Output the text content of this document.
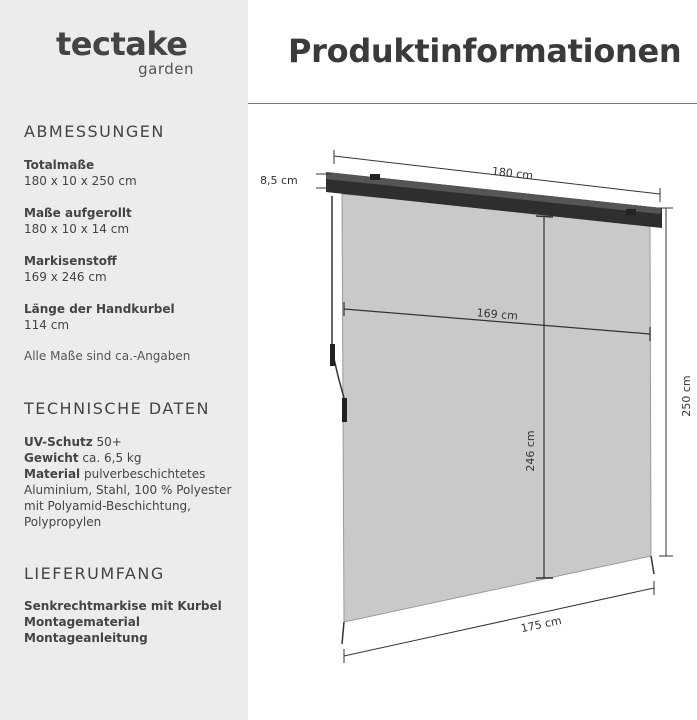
tectake
garden	Produktinformationen
ABMESSUNGEN
Totalmaße
180 x 10 x 250 cm
Maße aufgerollt
180 x 10 x 14 cm
Markisenstoff
169 x 246 cm
Länge der Handkurbel
114 cm
Alle Maße sind ca.-Angaben
TECHNISCHE DATEN
UV-Schutz 50+
Gewicht ca. 6,5 kg
Material pulverbeschichtetes Aluminium, Stahl, 100 % Polyester mit Polyamid-Beschichtung, Polypropylen
LIEFERUMFANG
Senkrechtmarkise mit Kurbel
Montagematerial
Montageanleitung
180 cm
8,5 cm
169 cm
246 cm
250 cm
175 cm
